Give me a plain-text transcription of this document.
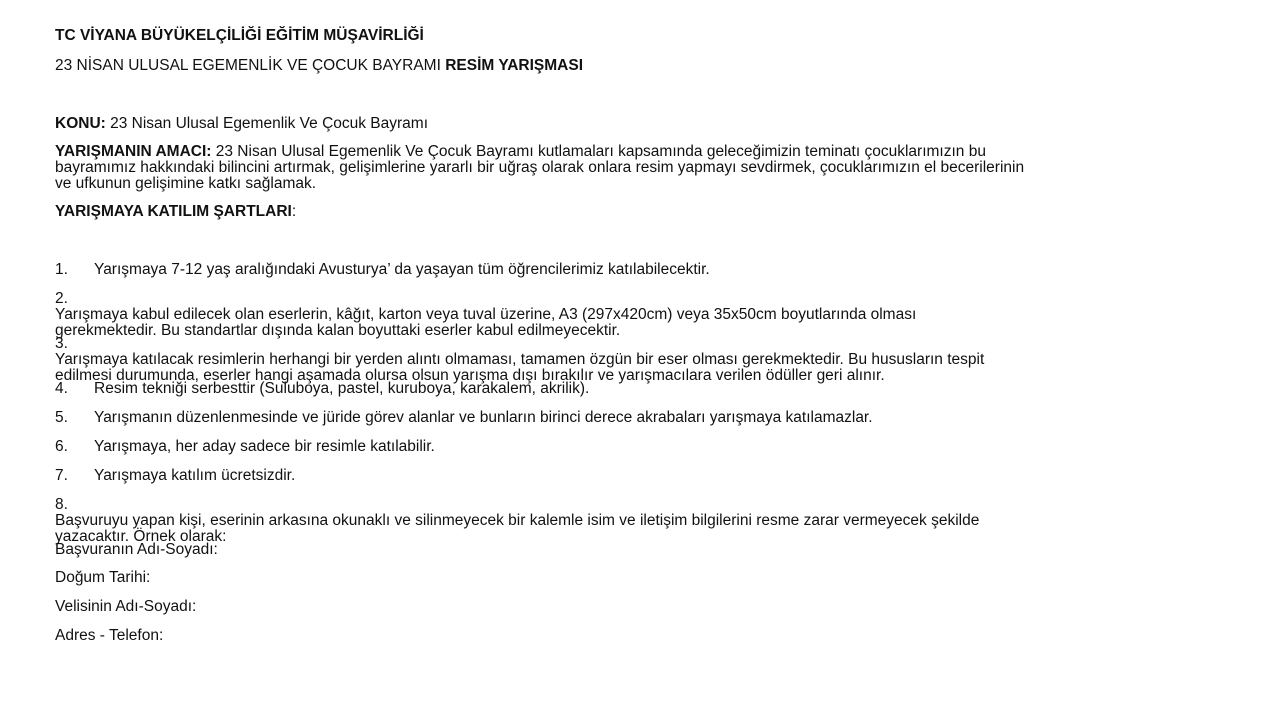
TC VİYANA BÜYÜKELÇİLİĞİ EĞİTİM MÜŞAVİRLİĞİ
23 NİSAN ULUSAL EGEMENLİK VE ÇOCUK BAYRAMI RESİM YARIŞMASI
KONU: 23 Nisan Ulusal Egemenlik Ve Çocuk Bayramı
YARIŞMANIN AMACI: 23 Nisan Ulusal Egemenlik Ve Çocuk Bayramı kutlamaları kapsamında geleceğimizin teminatı çocuklarımızın bu
bayramımız hakkındaki bilincini artırmak, gelişimlerine yararlı bir uğraş olarak onlara resim yapmayı sevdirmek, çocuklarımızın el becerilerinin
ve ufkunun gelişimine katkı sağlamak.
YARIŞMAYA KATILIM ŞARTLARI:
1. Yarışmaya 7-12 yaş aralığındaki Avusturya’ da yaşayan tüm öğrencilerimiz katılabilecektir.
2.
Yarışmaya kabul edilecek olan eserlerin, kâğıt, karton veya tuval üzerine, A3 (297x420cm) veya 35x50cm boyutlarında olması
gerekmektedir. Bu standartlar dışında kalan boyuttaki eserler kabul edilmeyecektir.
3.
Yarışmaya katılacak resimlerin herhangi bir yerden alıntı olmaması, tamamen özgün bir eser olması gerekmektedir. Bu hususların tespit
edilmesi durumunda, eserler hangi aşamada olursa olsun yarışma dışı bırakılır ve yarışmacılara verilen ödüller geri alınır.
4. Resim tekniği serbesttir (Suluboya, pastel, kuruboya, karakalem, akrilik).
5. Yarışmanın düzenlenmesinde ve jüride görev alanlar ve bunların birinci derece akrabaları yarışmaya katılamazlar.
6. Yarışmaya, her aday sadece bir resimle katılabilir.
7. Yarışmaya katılım ücretsizdir.
8.
Başvuruyu yapan kişi, eserinin arkasına okunaklı ve silinmeyecek bir kalemle isim ve iletişim bilgilerini resme zarar vermeyecek şekilde
yazacaktır. Örnek olarak:
Başvuranın Adı-Soyadı:
Doğum Tarihi:
Velisinin Adı-Soyadı:
Adres - Telefon:
